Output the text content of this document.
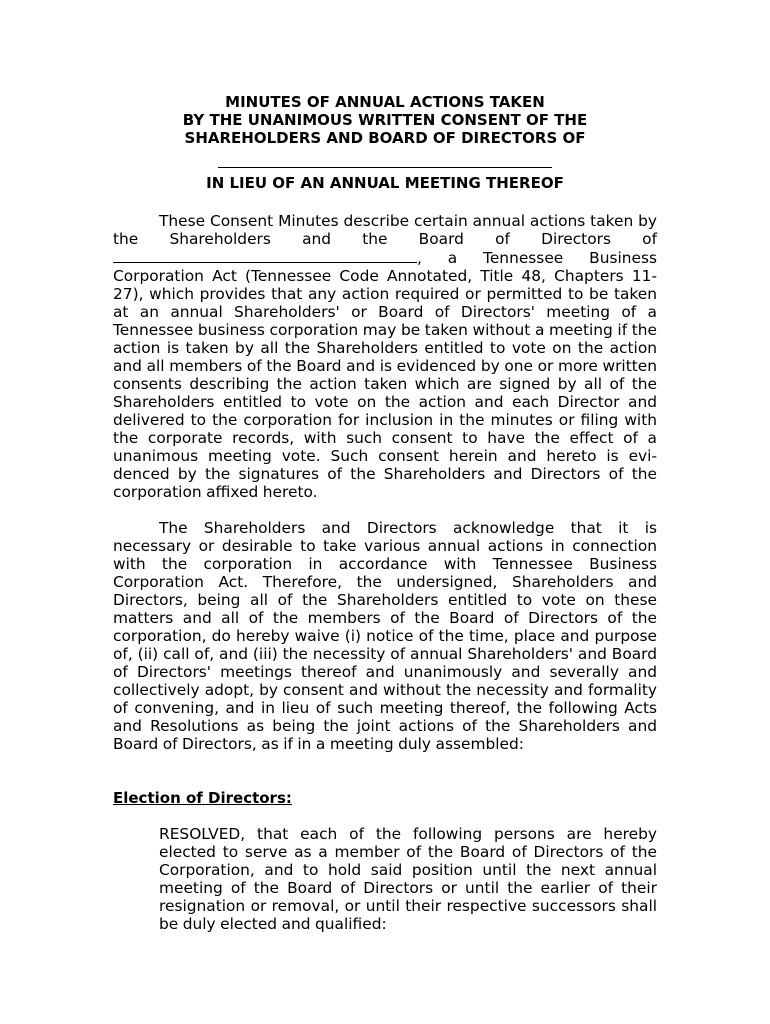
MINUTES OF ANNUAL ACTIONS TAKEN
BY THE UNANIMOUS WRITTEN CONSENT OF THE
SHAREHOLDERS AND BOARD OF DIRECTORS OF

IN LIEU OF AN ANNUAL MEETING THEREOF

These Consent Minutes describe certain annual actions taken by the Shareholders and the Board of Directors of , a Tennessee Business Corporation Act (Tennessee Code Annotated, Title 48, Chapters 11-27), which provides that any action required or permitted to be taken at an annual Shareholders' or Board of Directors' meeting of a Tennessee business corporation may be taken without a meeting if the action is taken by all the Shareholders entitled to vote on the action and all members of the Board and is evidenced by one or more written consents describing the action taken which are signed by all of the Shareholders entitled to vote on the action and each Director and delivered to the corporation for inclusion in the minutes or filing with the corporate records, with such consent to have the effect of a unanimous meeting vote. Such consent herein and hereto is evi-denced by the signatures of the Shareholders and Directors of the corporation affixed hereto.

The Shareholders and Directors acknowledge that it is necessary or desirable to take various annual actions in connection with the corporation in accordance with Tennessee Business Corporation Act. Therefore, the undersigned, Shareholders and Directors, being all of the Shareholders entitled to vote on these matters and all of the members of the Board of Directors of the corporation, do hereby waive (i) notice of the time, place and purpose of, (ii) call of, and (iii) the necessity of annual Shareholders' and Board of Directors' meetings thereof and unanimously and severally and collectively adopt, by consent and without the necessity and formality of convening, and in lieu of such meeting thereof, the following Acts and Resolutions as being the joint actions of the Shareholders and Board of Directors, as if in a meeting duly assembled:

Election of Directors:

RESOLVED, that each of the following persons are hereby elected to serve as a member of the Board of Directors of the Corporation, and to hold said position until the next annual meeting of the Board of Directors or until the earlier of their resignation or removal, or until their respective successors shall be duly elected and qualified:
